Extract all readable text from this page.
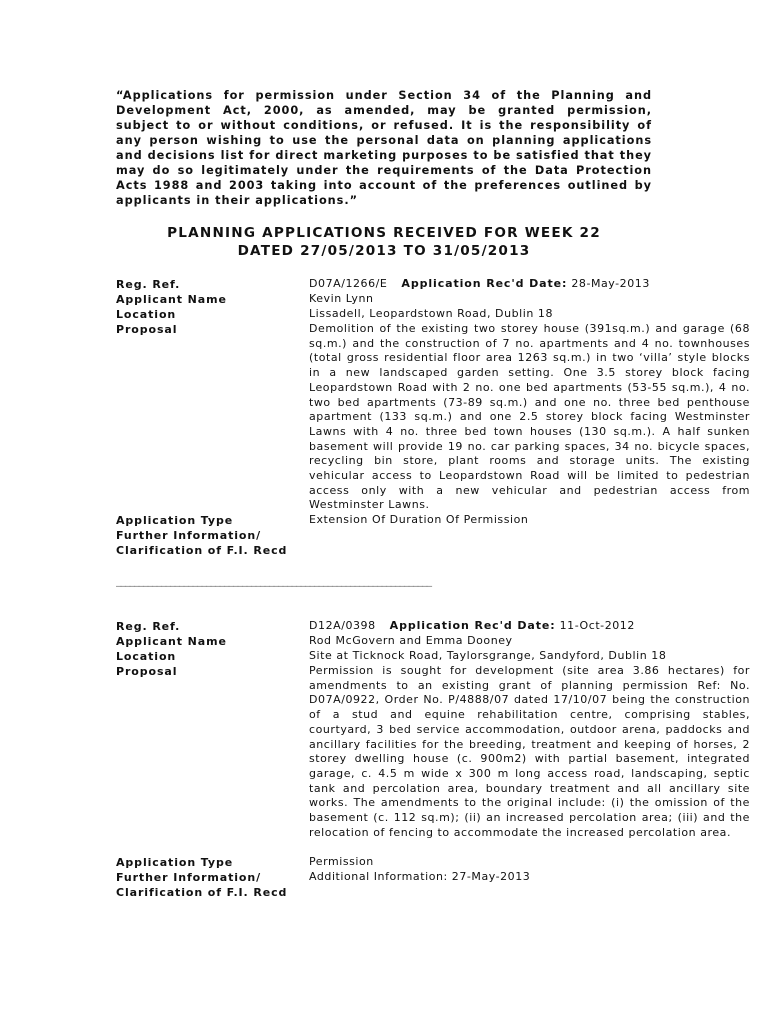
“Applications for permission under Section 34 of the Planning and Development Act, 2000, as amended, may be granted permission, subject to or without conditions, or refused. It is the responsibility of any person wishing to use the personal data on planning applications and decisions list for direct marketing purposes to be satisfied that they may do so legitimately under the requirements of the Data Protection Acts 1988 and 2003 taking into account of the preferences outlined by applicants in their applications.”
PLANNING APPLICATIONS RECEIVED FOR WEEK 22
DATED 27/05/2013 TO 31/05/2013
Reg. Ref.	D07A/1266/E Application Rec'd Date: 28-May-2013
Applicant Name	Kevin Lynn
Location	Lissadell, Leopardstown Road, Dublin 18
Proposal	Demolition of the existing two storey house (391sq.m.) and garage (68 sq.m.) and the construction of 7 no. apartments and 4 no. townhouses (total gross residential floor area 1263 sq.m.) in two ‘villa’ style blocks in a new landscaped garden setting. One 3.5 storey block facing Leopardstown Road with 2 no. one bed apartments (53-55 sq.m.), 4 no. two bed apartments (73-89 sq.m.) and one no. three bed penthouse apartment (133 sq.m.) and one 2.5 storey block facing Westminster Lawns with 4 no. three bed town houses (130 sq.m.). A half sunken basement will provide 19 no. car parking spaces, 34 no. bicycle spaces, recycling bin store, plant rooms and storage units. The existing vehicular access to Leopardstown Road will be limited to pedestrian access only with a new vehicular and pedestrian access from Westminster Lawns.
Application Type	Extension Of Duration Of Permission
Further Information/
Clarification of F.I. Recd
______________________________________________________________________
Reg. Ref.	D12A/0398 Application Rec'd Date: 11-Oct-2012
Applicant Name	Rod McGovern and Emma Dooney
Location	Site at Ticknock Road, Taylorsgrange, Sandyford, Dublin 18
Proposal	Permission is sought for development (site area 3.86 hectares) for amendments to an existing grant of planning permission Ref: No. D07A/0922, Order No. P/4888/07 dated 17/10/07 being the construction of a stud and equine rehabilitation centre, comprising stables, courtyard, 3 bed service accommodation, outdoor arena, paddocks and ancillary facilities for the breeding, treatment and keeping of horses, 2 storey dwelling house (c. 900m2) with partial basement, integrated garage, c. 4.5 m wide x 300 m long access road, landscaping, septic tank and percolation area, boundary treatment and all ancillary site works. The amendments to the original include: (i) the omission of the basement (c. 112 sq.m); (ii) an increased percolation area; (iii) and the relocation of fencing to accommodate the increased percolation area.
Application Type	Permission
Further Information/	Additional Information: 27-May-2013
Clarification of F.I. Recd
